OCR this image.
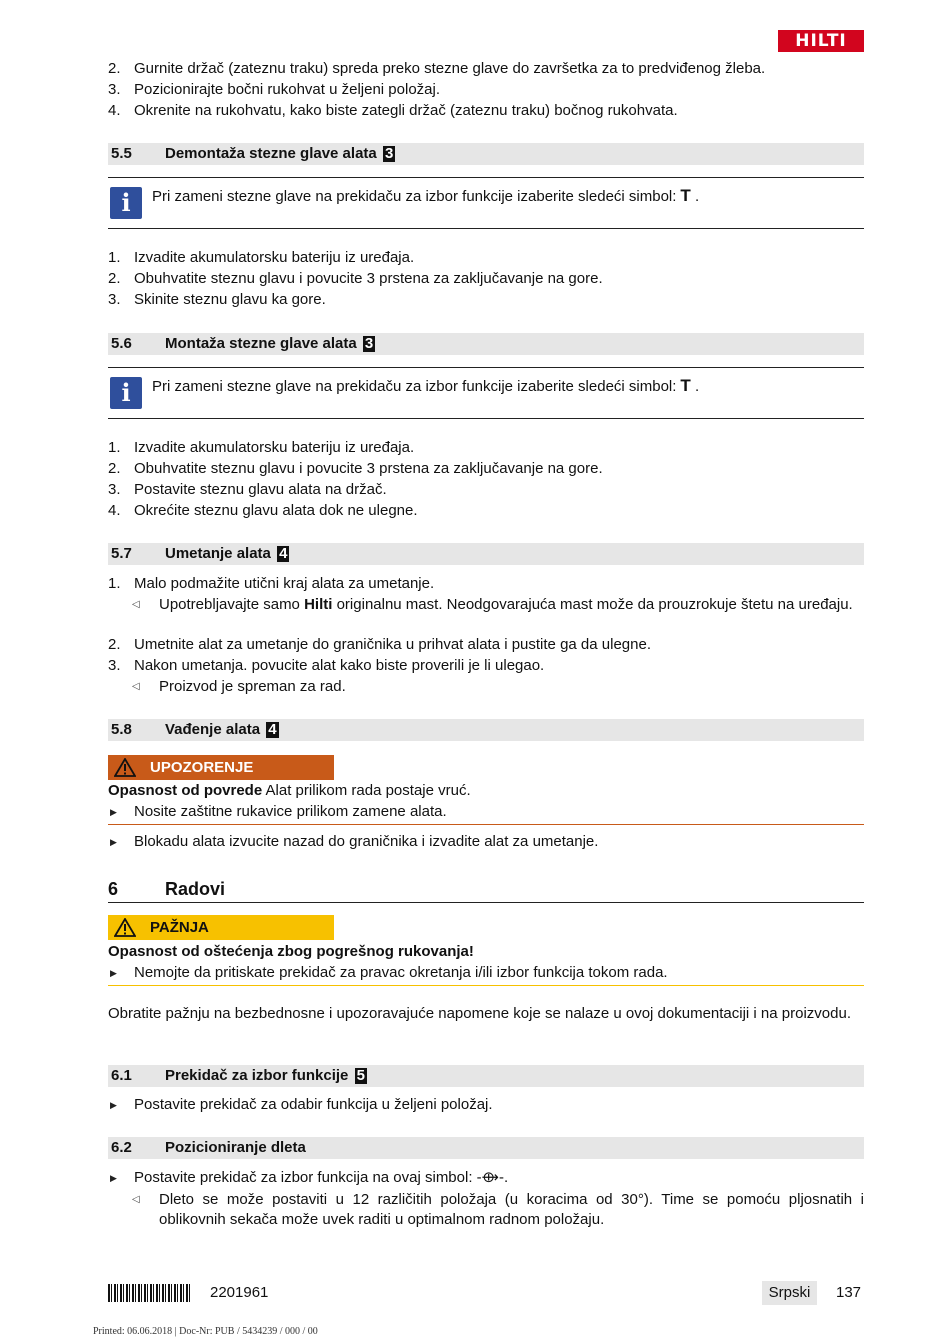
HILTI
2. Gurnite držač (zateznu traku) spreda preko stezne glave do završetka za to predviđenog žleba.
3. Pozicionirajte bočni rukohvat u željeni položaj.
4. Okrenite na rukohvatu, kako biste zategli držač (zateznu traku) bočnog rukohvata.
5.5 Demontaža stezne glave alata 3
i	Pri zameni stezne glave na prekidaču za izbor funkcije izaberite sledeći simbol: T .
1. Izvadite akumulatorsku bateriju iz uređaja.
2. Obuhvatite steznu glavu i povucite 3 prstena za zaključavanje na gore.
3. Skinite steznu glavu ka gore.
5.6 Montaža stezne glave alata 3
i	Pri zameni stezne glave na prekidaču za izbor funkcije izaberite sledeći simbol: T .
1. Izvadite akumulatorsku bateriju iz uređaja.
2. Obuhvatite steznu glavu i povucite 3 prstena za zaključavanje na gore.
3. Postavite steznu glavu alata na držač.
4. Okrećite steznu glavu alata dok ne ulegne.
5.7 Umetanje alata 4
1. Malo podmažite utični kraj alata za umetanje.
◁ Upotrebljavajte samo Hilti originalnu mast. Neodgovarajuća mast može da prouzrokuje štetu na uređaju.
2. Umetnite alat za umetanje do graničnika u prihvat alata i pustite ga da ulegne.
3. Nakon umetanja. povucite alat kako biste proverili je li ulegao.
◁ Proizvod je spreman za rad.
5.8 Vađenje alata 4
UPOZORENJE
Opasnost od povrede Alat prilikom rada postaje vruć.
▶ Nosite zaštitne rukavice prilikom zamene alata.
▶ Blokadu alata izvucite nazad do graničnika i izvadite alat za umetanje.
6	Radovi
PAŽNJA
Opasnost od oštećenja zbog pogrešnog rukovanja!
▶ Nemojte da pritiskate prekidač za pravac okretanja i/ili izbor funkcija tokom rada.
Obratite pažnju na bezbednosne i upozoravajuće napomene koje se nalaze u ovoj dokumentaciji i na proizvodu.
6.1 Prekidač za izbor funkcije 5
▶ Postavite prekidač za odabir funkcija u željeni položaj.
6.2 Pozicioniranje dleta
▶ Postavite prekidač za izbor funkcija na ovaj simbol: -⟴-.
◁ Dleto se može postaviti u 12 različitih položaja (u koracima od 30°). Time se pomoću pljosnatih i oblikovnih sekača može uvek raditi u optimalnom radnom položaju.
2201961	Srpski	137
Printed: 06.06.2018 | Doc-Nr: PUB / 5434239 / 000 / 00
